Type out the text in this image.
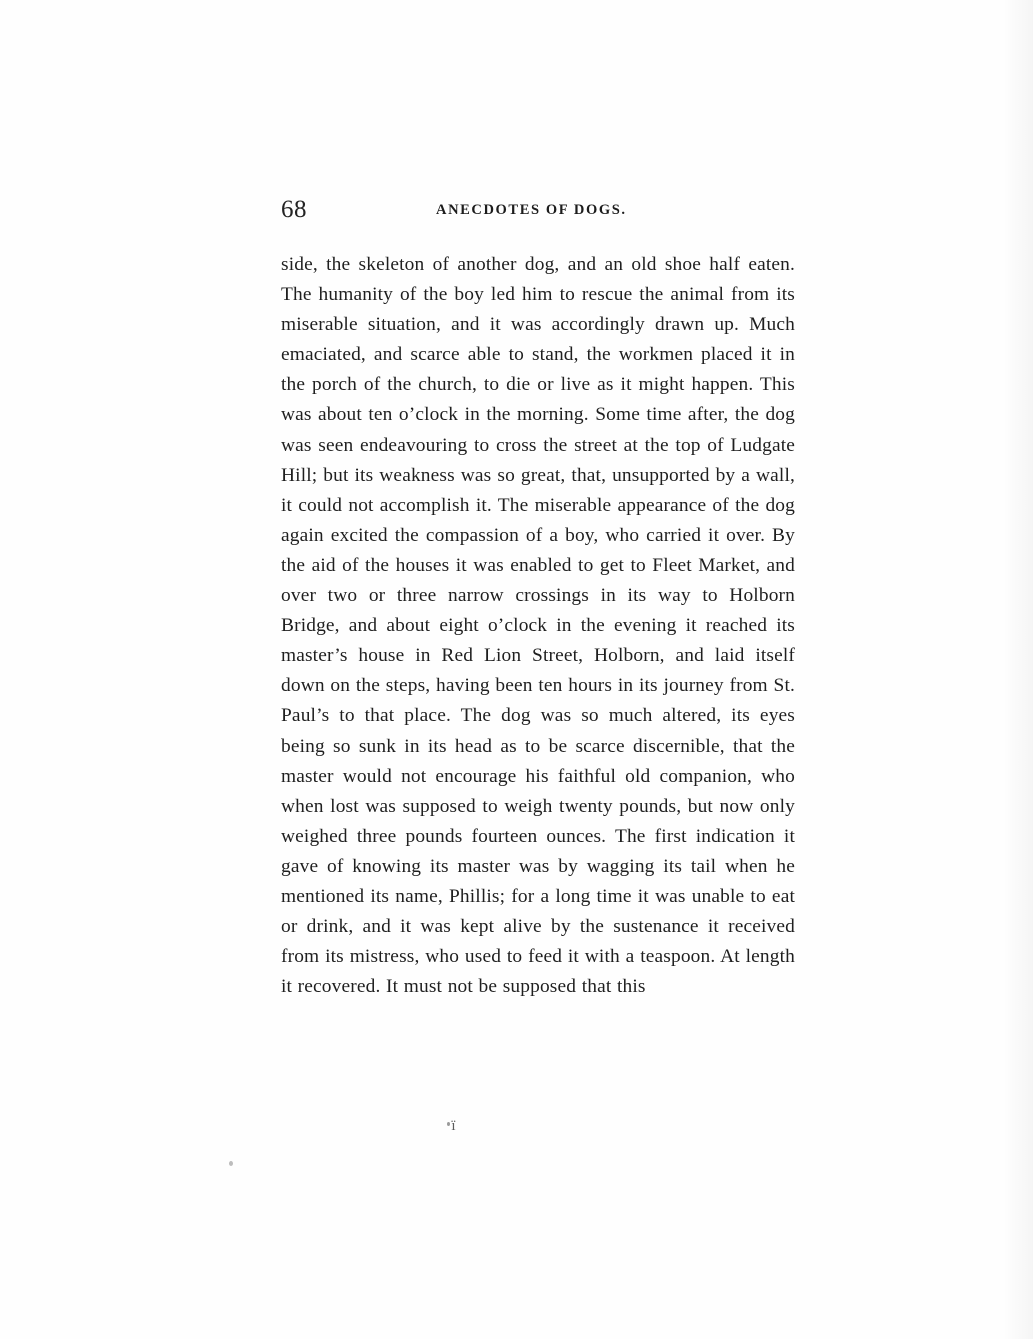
68	ANECDOTES OF DOGS.

side, the skeleton of another dog, and an old shoe half eaten. The humanity of the boy led him to rescue the animal from its miserable situation, and it was accordingly drawn up. Much emaciated, and scarce able to stand, the workmen placed it in the porch of the church, to die or live as it might happen. This was about ten o’clock in the morning. Some time after, the dog was seen endeavouring to cross the street at the top of Ludgate Hill; but its weakness was so great, that, unsupported by a wall, it could not accomplish it. The miserable appearance of the dog again excited the compassion of a boy, who carried it over. By the aid of the houses it was enabled to get to Fleet Market, and over two or three narrow crossings in its way to Holborn Bridge, and about eight o’clock in the evening it reached its master’s house in Red Lion Street, Holborn, and laid itself down on the steps, having been ten hours in its journey from St. Paul’s to that place. The dog was so much altered, its eyes being so sunk in its head as to be scarce discernible, that the master would not encourage his faithful old companion, who when lost was supposed to weigh twenty pounds, but now only weighed three pounds fourteen ounces. The first indication it gave of knowing its master was by wagging its tail when he mentioned its name, Phillis; for a long time it was unable to eat or drink, and it was kept alive by the sustenance it received from its mistress, who used to feed it with a teaspoon. At length it recovered. It must not be supposed that this

ï
